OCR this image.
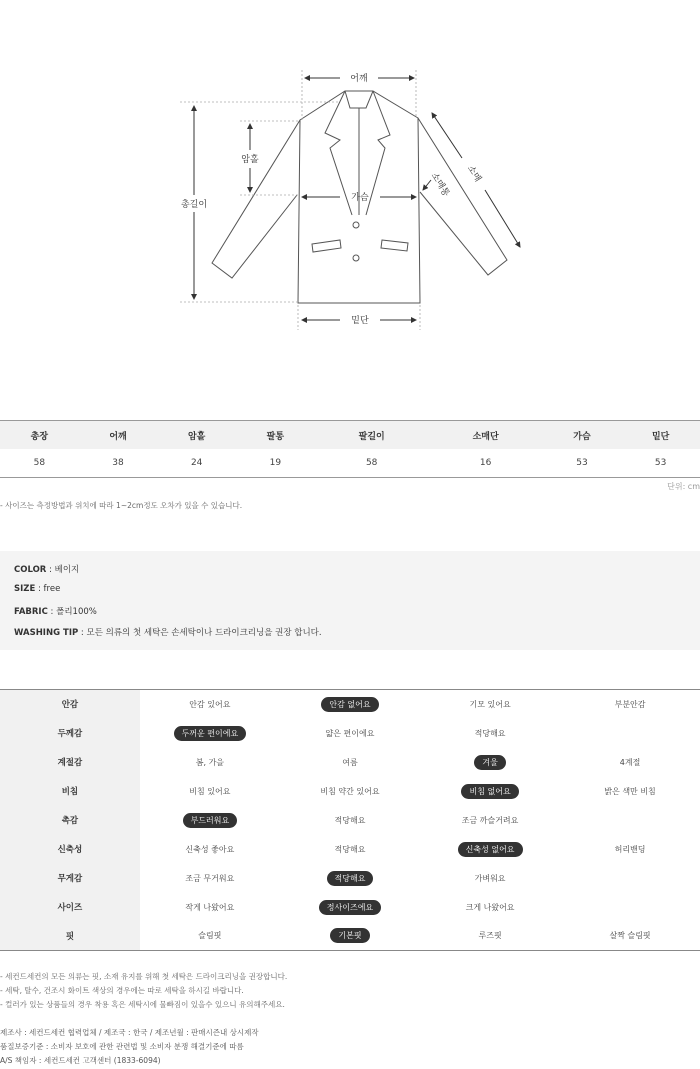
어깨
총길이
암홀
가슴
밑단
소매
소매통
총장	어깨	암홀	팔통	팔길이	소매단	가슴	밑단
58	38	24	19	58	16	53	53
단위: cm
- 사이즈는 측정방법과 위치에 따라 1~2cm정도 오차가 있을 수 있습니다.
COLOR : 베이지
SIZE : free
FABRIC : 폴리100%
WASHING TIP : 모든 의류의 첫 세탁은 손세탁이나 드라이크리닝을 권장 합니다.
안감	안감 있어요	안감 없어요	기모 있어요	부분안감
두께감	두꺼운 편이에요	얇은 편이에요	적당해요	
계절감	봄, 가을	여름	겨울	4계절
비침	비침 있어요	비침 약간 있어요	비침 없어요	밝은 색만 비침
촉감	부드러워요	적당해요	조금 까슬거려요	
신축성	신축성 좋아요	적당해요	신축성 없어요	허리밴딩
무게감	조금 무거워요	적당해요	가벼워요	
사이즈	작게 나왔어요	정사이즈에요	크게 나왔어요	
핏	슬림핏	기본핏	루즈핏	살짝 슬림핏
- 세컨드세컨의 모든 의류는 핏, 소재 유지를 위해 첫 세탁은 드라이크리닝을 권장합니다.
- 세탁, 탈수, 건조시 화이트 색상의 경우에는 따로 세탁을 하시길 바랍니다.
- 컬러가 있는 상품들의 경우 착용 혹은 세탁시에 물빠짐이 있을수 있으니 유의해주세요.
제조사 : 세컨드세컨 협력업체 / 제조국 : 한국 / 제조년월 : 판매시즌내 상시제작
품질보증기준 : 소비자 보호에 관한 관련법 및 소비자 분쟁 해결기준에 따름
A/S 책임자 : 세컨드세컨 고객센터 (1833-6094)
